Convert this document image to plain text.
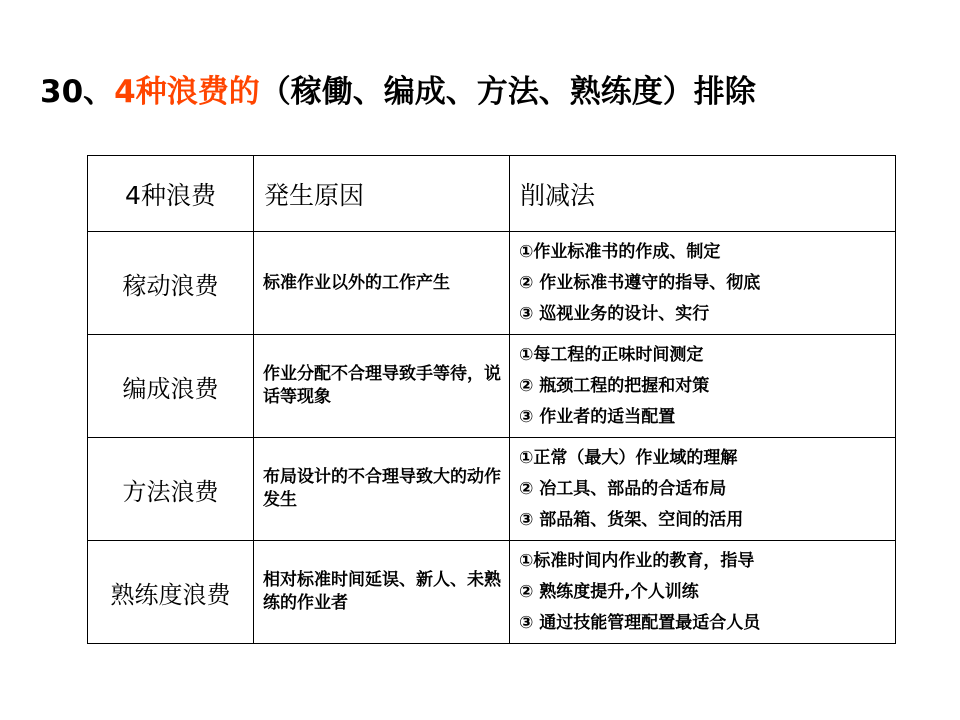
30、4种浪费的（稼働、编成、方法、熟练度）排除
4种浪费	発生原因	削减法
稼动浪费	标准作业以外的工作产生	①作业标准书的作成、制定
② 作业标准书遵守的指导、彻底
③ 巡视业务的设计、实行

编成浪费	作业分配不合理导致手等待，说话等现象	①每工程的正味时间测定
② 瓶颈工程的把握和对策
③ 作业者的适当配置

方法浪费	布局设计的不合理导致大的动作发生	①正常（最大）作业域的理解
② 冶工具、部品的合适布局
③ 部品箱、货架、空间的活用

熟练度浪费	相对标准时间延误、新人、未熟练的作业者	①标准时间内作业的教育，指导
② 熟练度提升,个人训练
③ 通过技能管理配置最适合人员
